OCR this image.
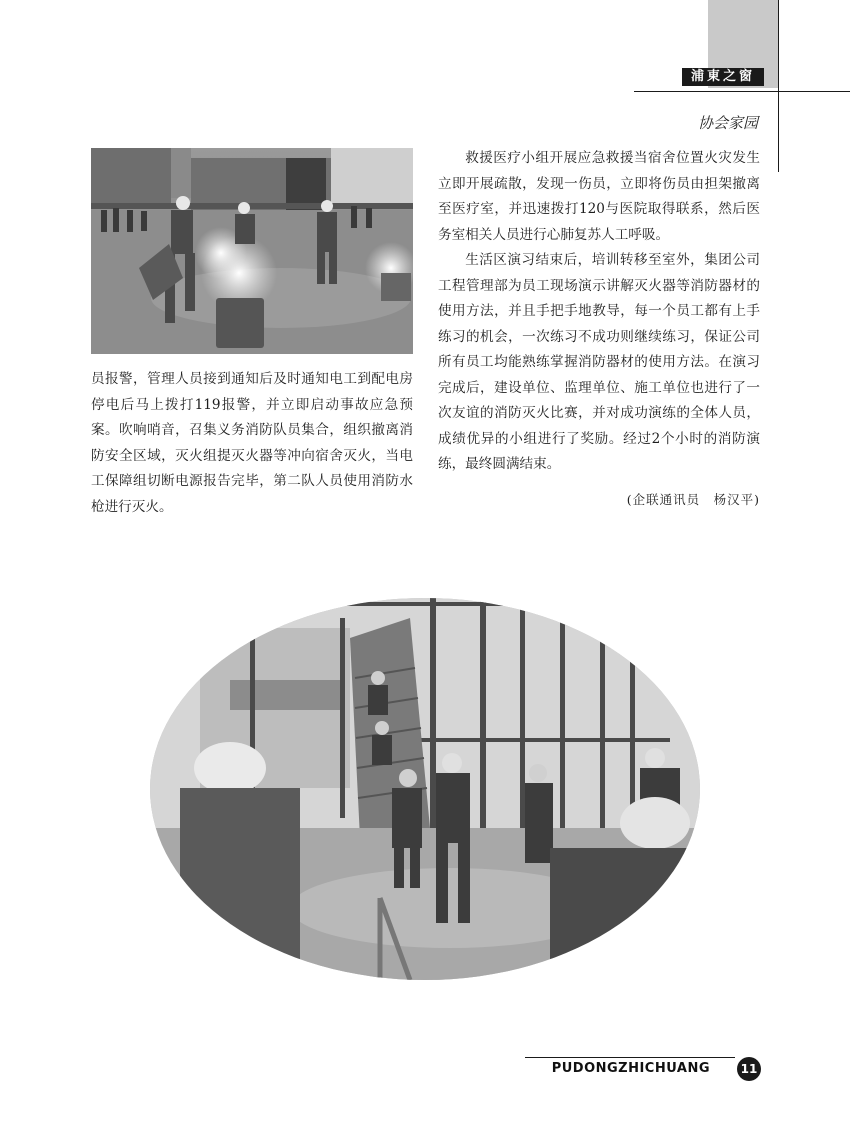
浦東之窗
协会家园

员报警，管理人员接到通知后及时通知电工到配电房停电后马上拨打119报警，并立即启动事故应急预案。吹响哨音，召集义务消防队员集合，组织撤离消防安全区域，灭火组提灭火器等冲向宿舍灭火，当电工保障组切断电源报告完毕，第二队人员使用消防水枪进行灭火。

救援医疗小组开展应急救援当宿舍位置火灾发生立即开展疏散，发现一伤员，立即将伤员由担架撤离至医疗室，并迅速拨打120与医院取得联系，然后医务室相关人员进行心肺复苏人工呼吸。

生活区演习结束后，培训转移至室外，集团公司工程管理部为员工现场演示讲解灭火器等消防器材的使用方法，并且手把手地教导，每一个员工都有上手练习的机会，一次练习不成功则继续练习，保证公司所有员工均能熟练掌握消防器材的使用方法。在演习完成后，建设单位、监理单位、施工单位也进行了一次友谊的消防灭火比赛，并对成功演练的全体人员，成绩优异的小组进行了奖励。经过2个小时的消防演练，最终圆满结束。

(企联通讯员　杨汉平)
PUDONGZHICHUANG	11
